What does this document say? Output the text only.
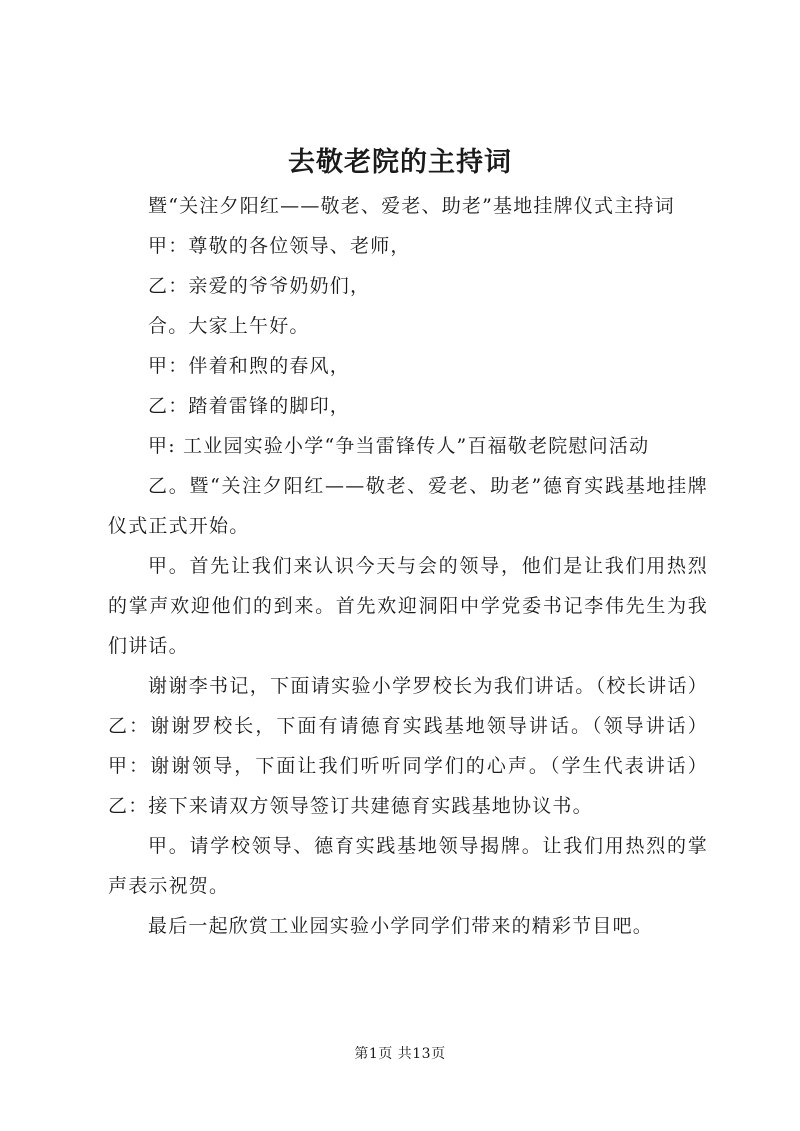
去敬老院的主持词

暨“关注夕阳红——敬老、爱老、助老”基地挂牌仪式主持词

甲：尊敬的各位领导、老师，

乙：亲爱的爷爷奶奶们，

合。大家上午好。

甲：伴着和煦的春风，

乙：踏着雷锋的脚印，

甲: 工业园实验小学“争当雷锋传人”百福敬老院慰问活动

乙。暨“关注夕阳红——敬老、爱老、助老”德育实践基地挂牌仪式正式开始。

甲。首先让我们来认识今天与会的领导，他们是让我们用热烈的掌声欢迎他们的到来。首先欢迎洞阳中学党委书记李伟先生为我们讲话。

谢谢李书记，下面请实验小学罗校长为我们讲话。（校长讲话）乙：谢谢罗校长，下面有请德育实践基地领导讲话。（领导讲话）甲：谢谢领导，下面让我们听听同学们的心声。（学生代表讲话）乙：接下来请双方领导签订共建德育实践基地协议书。

甲。请学校领导、德育实践基地领导揭牌。让我们用热烈的掌声表示祝贺。

最后一起欣赏工业园实验小学同学们带来的精彩节目吧。

第1页 共13页
